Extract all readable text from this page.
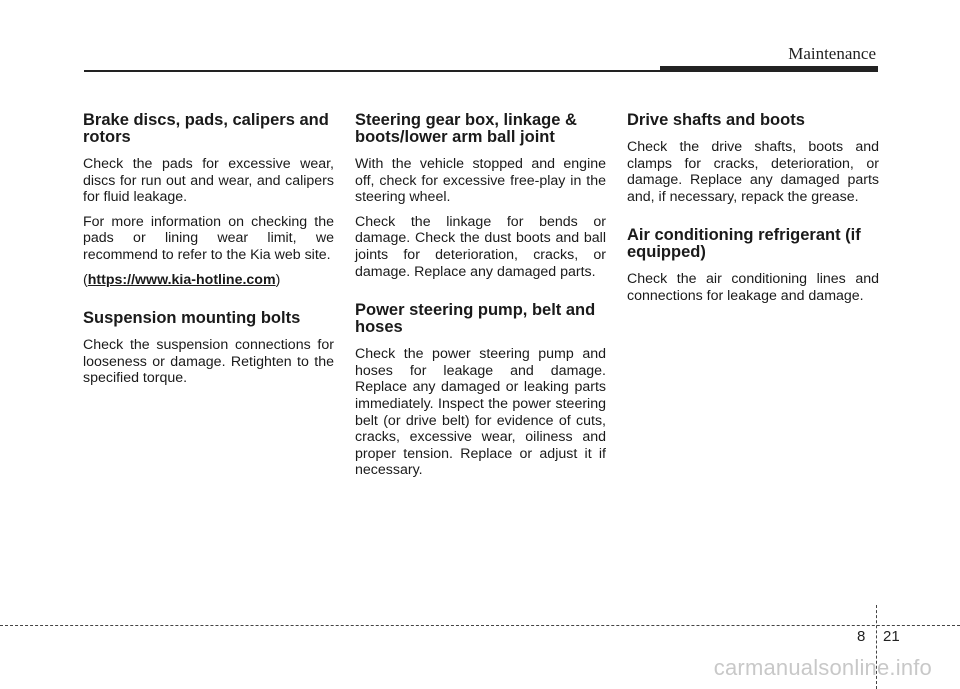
Maintenance
Brake discs, pads, calipers and rotors

Check the pads for excessive wear, discs for run out and wear, and calipers for fluid leakage.

For more information on checking the pads or lining wear limit, we recommend to refer to the Kia web site.

(https://www.kia-hotline.com)

Suspension mounting bolts

Check the suspension connections for looseness or damage. Retighten to the specified torque.

Steering gear box, linkage & boots/lower arm ball joint

With the vehicle stopped and engine off, check for excessive free-play in the steering wheel.

Check the linkage for bends or damage. Check the dust boots and ball joints for deterioration, cracks, or damage. Replace any damaged parts.

Power steering pump, belt and hoses

Check the power steering pump and hoses for leakage and damage. Replace any damaged or leaking parts immediately. Inspect the power steering belt (or drive belt) for evidence of cuts, cracks, excessive wear, oiliness and proper tension. Replace or adjust it if necessary.

Drive shafts and boots

Check the drive shafts, boots and clamps for cracks, deterioration, or damage. Replace any damaged parts and, if necessary, repack the grease.

Air conditioning refrigerant (if equipped)

Check the air conditioning lines and connections for leakage and damage.

8 21
carmanualsonline.info
